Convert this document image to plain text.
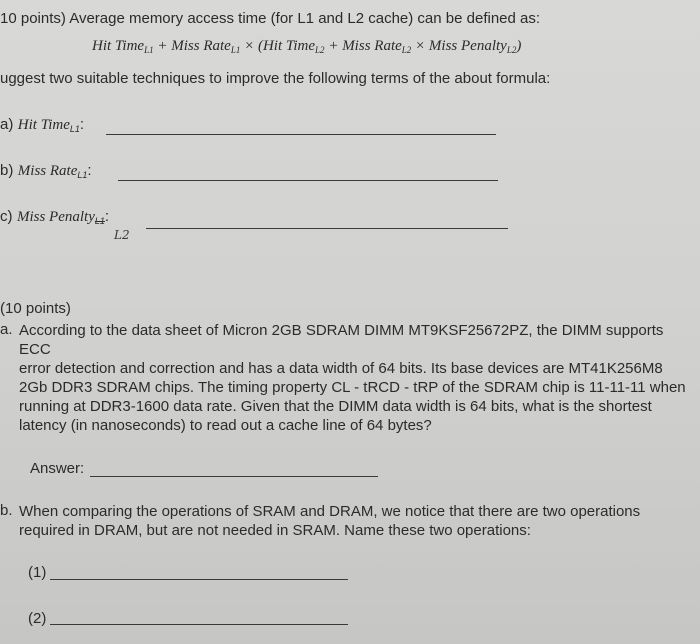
10 points) Average memory access time (for L1 and L2 cache) can be defined as:
Hit Time$_{L1}$ + Miss Rate$_{L1}$ × (Hit Time$_{L2}$ + Miss Rate$_{L2}$ × Miss Penalty$_{L2}$)
uggest two suitable techniques to improve the following terms of the about formula:
a) Hit Time$_{L1}$:
b) Miss Rate$_{L1}$:
c) Miss Penalty$_{L1}$:
L2
(10 points)
a. According to the data sheet of Micron 2GB SDRAM DIMM MT9KSF25672PZ, the DIMM supports ECC
error detection and correction and has a data width of 64 bits. Its base devices are MT41K256M8
2Gb DDR3 SDRAM chips. The timing property CL - tRCD - tRP of the SDRAM chip is 11-11-11 when
running at DDR3-1600 data rate. Given that the DIMM data width is 64 bits, what is the shortest
latency (in nanoseconds) to read out a cache line of 64 bytes?
Answer:
b. When comparing the operations of SRAM and DRAM, we notice that there are two operations
required in DRAM, but are not needed in SRAM. Name these two operations:
(1)
(2)
